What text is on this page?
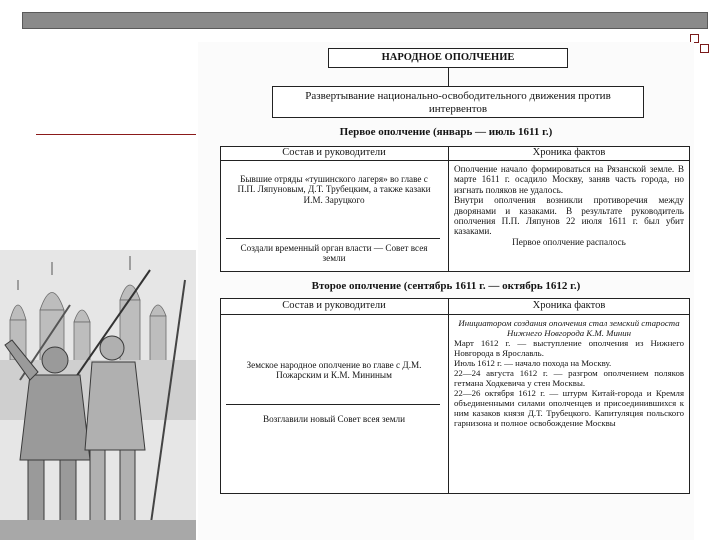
НАРОДНОЕ ОПОЛЧЕНИЕ
Развертывание национально-освободительного движения против интервентов
Первое ополчение (январь — июль 1611 г.)
Состав и руководители	Хроника фактов
Бывшие отряды «тушинского лагеря» во главе с П.П. Ляпуновым, Д.Т. Трубецким, а также казаки И.М. Заруцкого
Создали временный орган власти — Совет всея земли
Ополчение начало формироваться на Рязанской земле. В марте 1611 г. осадило Москву, заняв часть города, но изгнать поляков не удалось.
Внутри ополчения возникли противоречия между дворянами и казаками. В результате руководитель ополчения П.П. Ляпунов 22 июля 1611 г. был убит казаками.
Первое ополчение распалось
Второе ополчение (сентябрь 1611 г. — октябрь 1612 г.)
Состав и руководители	Хроника фактов
Земское народное ополчение во главе с Д.М. Пожарским и К.М. Мининым
Возглавили новый Совет всея земли
Инициатором создания ополчения стал земский староста Нижнего Новгорода К.М. Минин
Март 1612 г. — выступление ополчения из Нижнего Новгорода в Ярославль.
Июль 1612 г. — начало похода на Москву.
22—24 августа 1612 г. — разгром ополчением поляков гетмана Ходкевича у стен Москвы.
22—26 октября 1612 г. — штурм Китай-города и Кремля объединенными силами ополченцев и присоединившихся к ним казаков князя Д.Т. Трубецкого. Капитуляция польского гарнизона и полное освобождение Москвы
